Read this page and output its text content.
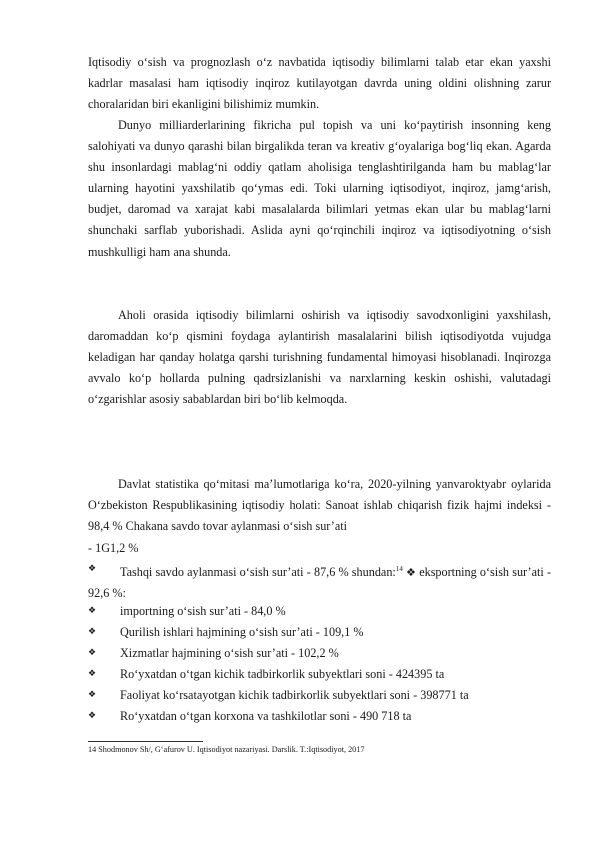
Iqtisodiy o‘sish va prognozlash o‘z navbatida iqtisodiy bilimlarni talab etar ekan yaxshi kadrlar masalasi ham iqtisodiy inqiroz kutilayotgan davrda uning oldini olishning zarur choralaridan biri ekanligini bilishimiz mumkin.

Dunyo milliarderlarining fikricha pul topish va uni ko‘paytirish insonning keng salohiyati va dunyo qarashi bilan birgalikda teran va kreativ g‘oyalariga bog‘liq ekan. Agarda shu insonlardagi mablag‘ni oddiy qatlam aholisiga tenglashtirilganda ham bu mablag‘lar ularning hayotini yaxshilatib qo‘ymas edi. Toki ularning iqtisodiyot, inqiroz, jamg‘arish, budjet, daromad va xarajat kabi masalalarda bilimlari yetmas ekan ular bu mablag‘larni shunchaki sarflab yuborishadi. Aslida ayni qo‘rqinchili inqiroz va iqtisodiyotning o‘sish mushkulligi ham ana shunda.

Aholi orasida iqtisodiy bilimlarni oshirish va iqtisodiy savodxonligini yaxshilash, daromaddan ko‘p qismini foydaga aylantirish masalalarini bilish iqtisodiyotda vujudga keladigan har qanday holatga qarshi turishning fundamental himoyasi hisoblanadi. Inqirozga avvalo ko‘p hollarda pulning qadrsizlanishi va narxlarning keskin oshishi, valutadagi o‘zgarishlar asosiy sabablardan biri bo‘lib kelmoqda.

Davlat statistika qo‘mitasi ma’lumotlariga ko‘ra, 2020-yilning yanvaroktyabr oylarida O‘zbekiston Respublikasining iqtisodiy holati: Sanoat ishlab chiqarish fizik hajmi indeksi - 98,4 % Chakana savdo tovar aylanmasi o‘sish sur’ati

- 1G1,2 %

❖	Tashqi savdo aylanmasi o‘sish sur’ati - 87,6 % shundan:$^{14}$ ❖ eksportning o‘sish sur’ati - 92,6 %:
❖	importning o‘sish sur’ati - 84,0 %
❖	Qurilish ishlari hajmining o‘sish sur’ati - 109,1 %
❖	Xizmatlar hajmining o‘sish sur’ati - 102,2 %
❖	Ro‘yxatdan o‘tgan kichik tadbirkorlik subyektlari soni - 424395 ta
❖	Faoliyat ko‘rsatayotgan kichik tadbirkorlik subyektlari soni - 398771 ta
❖	Ro‘yxatdan o‘tgan korxona va tashkilotlar soni - 490 718 ta
14 Shodmonov Sh/, G‘afurov U. Iqtisodiyot nazariyasi. Darslik. T.:Iqtisodiyot, 2017
